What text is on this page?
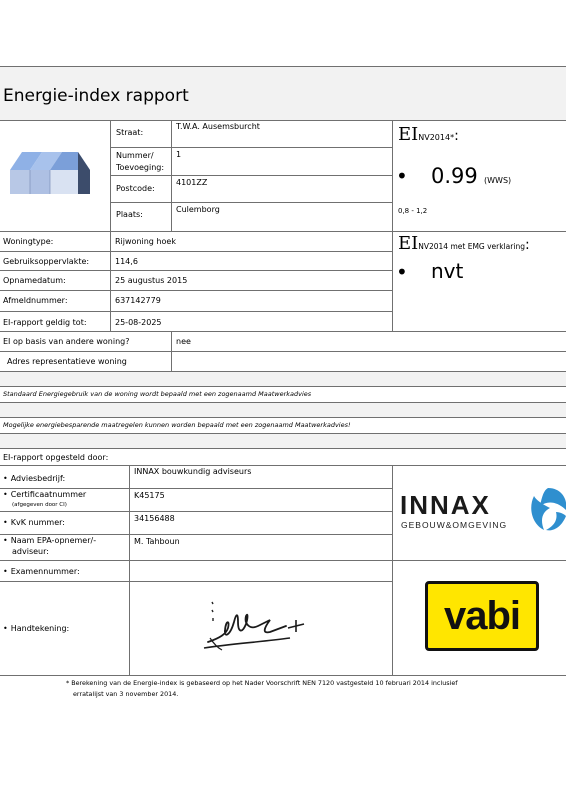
Energie-index rapport
Straat:
T.W.A. Ausemsburcht
Nummer/ Toevoeging:
1
Postcode:
4101ZZ
Plaats:
Culemborg
EINV2014*:
• 0.99 (WWS)
0,8 - 1,2
Woningtype:	Rijwoning hoek
Gebruiksoppervlakte:	114,6
Opnamedatum:	25 augustus 2015
Afmeldnummer:	637142779
EI-rapport geldig tot:	25-08-2025
EINV2014 met EMG verklaring:
• nvt
EI op basis van andere woning?	nee
Adres representatieve woning
Standaard Energiegebruik van de woning wordt bepaald met een zogenaamd Maatwerkadvies
Mogelijke energiebesparende maatregelen kunnen worden bepaald met een zogenaamd Maatwerkadvies!
EI-rapport opgesteld door:
• Adviesbedrijf:
INNAX bouwkundig adviseurs
• Certificaatnummer
(afgegeven door CI)
K45175
• KvK nummer:	34156488
• Naam EPA-opnemer/-
adviseur:
M. Tahboun
• Examennummer:
• Handtekening:
INNAX
GEBOUW&OMGEVING
vabi
* Berekening van de Energie-index is gebaseerd op het Nader Voorschrift NEN 7120 vastgesteld 10 februari 2014 inclusief
erratalijst van 3 november 2014.
